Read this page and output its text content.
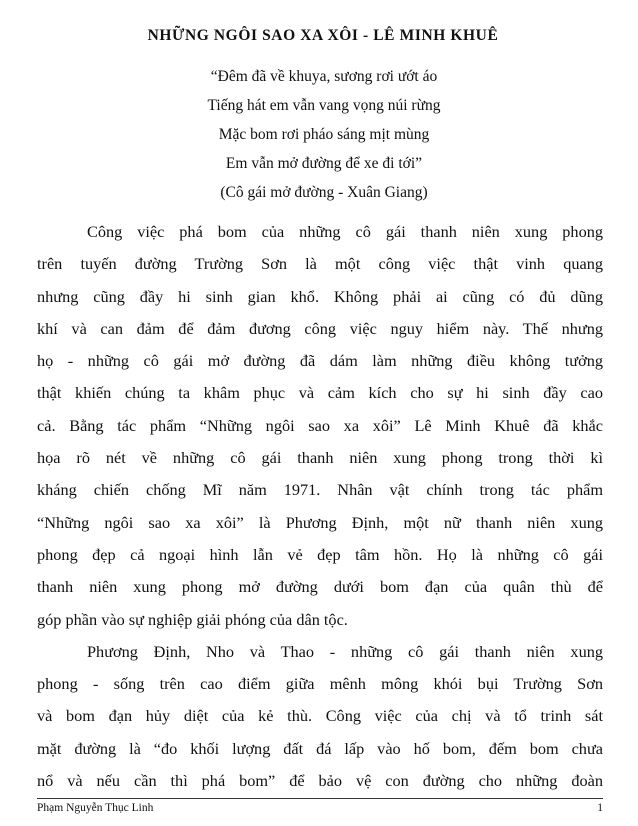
NHỮNG NGÔI SAO XA XÔI - LÊ MINH KHUÊ
“Đêm đã về khuya, sương rơi ướt áo
Tiếng hát em vẫn vang vọng núi rừng
Mặc bom rơi pháo sáng mịt mùng
Em vẫn mở đường để xe đi tới”
(Cô gái mở đường - Xuân Giang)
Công việc phá bom của những cô gái thanh niên xung phong
trên tuyến đường Trường Sơn là một công việc thật vinh quang
nhưng cũng đầy hi sinh gian khổ. Không phải ai cũng có đủ dũng
khí và can đảm để đảm đương công việc nguy hiểm này. Thế nhưng
họ - những cô gái mở đường đã dám làm những điều không tưởng
thật khiến chúng ta khâm phục và cảm kích cho sự hi sinh đầy cao
cả. Bằng tác phẩm “Những ngôi sao xa xôi” Lê Minh Khuê đã khắc
họa rõ nét về những cô gái thanh niên xung phong trong thời kì
kháng chiến chống Mĩ năm 1971. Nhân vật chính trong tác phẩm
“Những ngôi sao xa xôi” là Phương Định, một nữ thanh niên xung
phong đẹp cả ngoại hình lẫn vẻ đẹp tâm hồn. Họ là những cô gái
thanh niên xung phong mở đường dưới bom đạn của quân thù để
góp phần vào sự nghiệp giải phóng của dân tộc.
Phương Định, Nho và Thao - những cô gái thanh niên xung
phong - sống trên cao điểm giữa mênh mông khói bụi Trường Sơn
và bom đạn hủy diệt của kẻ thù. Công việc của chị và tổ trinh sát
mặt đường là “đo khối lượng đất đá lấp vào hố bom, đếm bom chưa
nổ và nếu cần thì phá bom” để bảo vệ con đường cho những đoàn
Phạm Nguyễn Thục Linh	1
